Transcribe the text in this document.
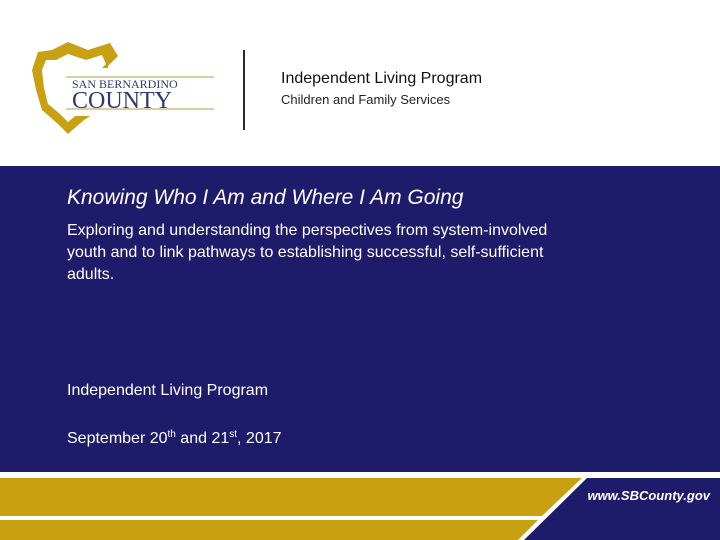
SAN BERNARDINO
COUNTY
Independent Living Program
Children and Family Services
Knowing Who I Am and Where I Am Going
Exploring and understanding the perspectives from system-involved youth and to link pathways to establishing successful, self-sufficient adults.
Independent Living Program
September 20th and 21st, 2017
www.SBCounty.gov
